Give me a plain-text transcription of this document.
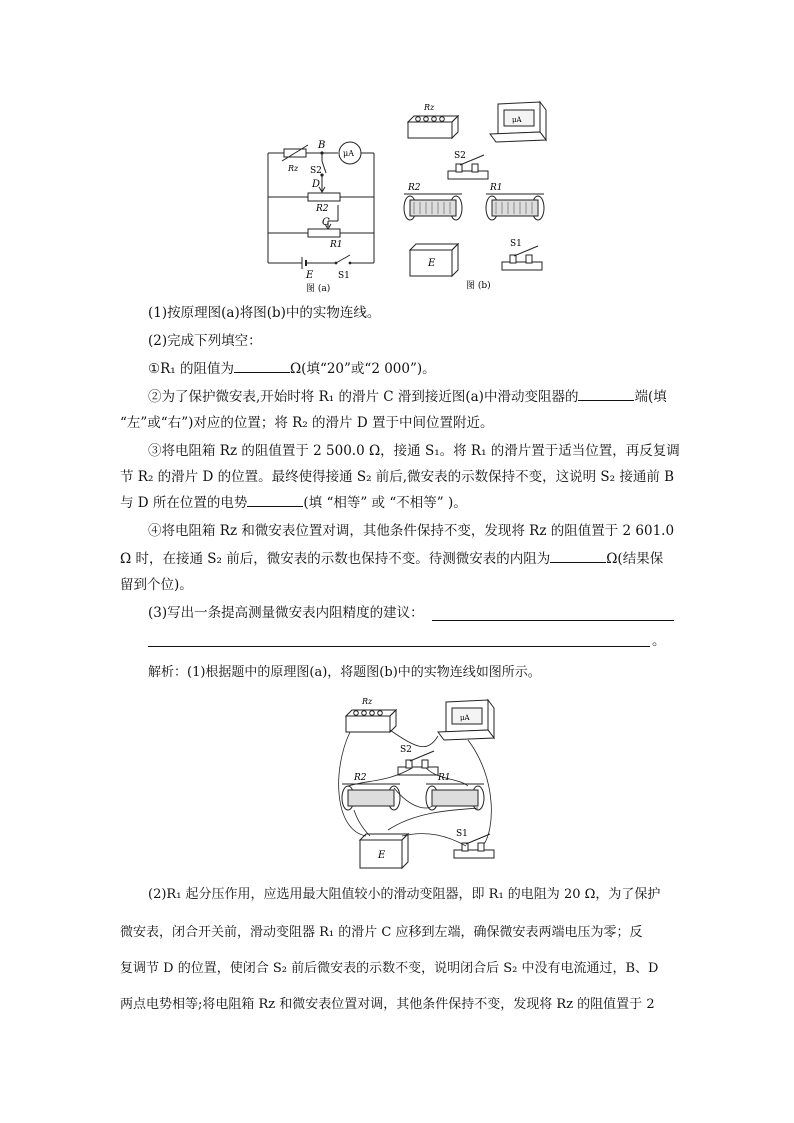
B
Rz
μA
S2
D
R2
C
R1
E	S1
图 (a)
Rz
μA
S2
R2	R1
E
S1
图 (b)
(1)按原理图(a)将图(b)中的实物连线。
(2)完成下列填空：
①R₁ 的阻值为	Ω(填“20”或“2 000”)。
②为了保护微安表,开始时将 R₁ 的滑片 C 滑到接近图(a)中滑动变阻器的	端(填
“左”或“右”)对应的位置；将 R₂ 的滑片 D 置于中间位置附近。
③将电阻箱 Rz 的阻值置于 2 500.0 Ω，接通 S₁。将 R₁ 的滑片置于适当位置，再反复调
节 R₂ 的滑片 D 的位置。最终使得接通 S₂ 前后,微安表的示数保持不变，这说明 S₂ 接通前 B
与 D 所在位置的电势	(填 “相等” 或 “不相等” )。
④将电阻箱 Rz 和微安表位置对调，其他条件保持不变，发现将 Rz 的阻值置于 2 601.0
Ω 时，在接通 S₂ 前后，微安表的示数也保持不变。待测微安表的内阻为	Ω(结果保
留到个位)。
(3)写出一条提高测量微安表内阻精度的建议：
。
解析：(1)根据题中的原理图(a)，将题图(b)中的实物连线如图所示。
Rz
μA
S2
R2	R1
E
S1
(2)R₁ 起分压作用，应选用最大阻值较小的滑动变阻器，即 R₁ 的电阻为 20 Ω，为了保护
微安表，闭合开关前，滑动变阻器 R₁ 的滑片 C 应移到左端，确保微安表两端电压为零；反
复调节 D 的位置，使闭合 S₂ 前后微安表的示数不变，说明闭合后 S₂ 中没有电流通过，B、D
两点电势相等;将电阻箱 Rz 和微安表位置对调，其他条件保持不变，发现将 Rz 的阻值置于 2
